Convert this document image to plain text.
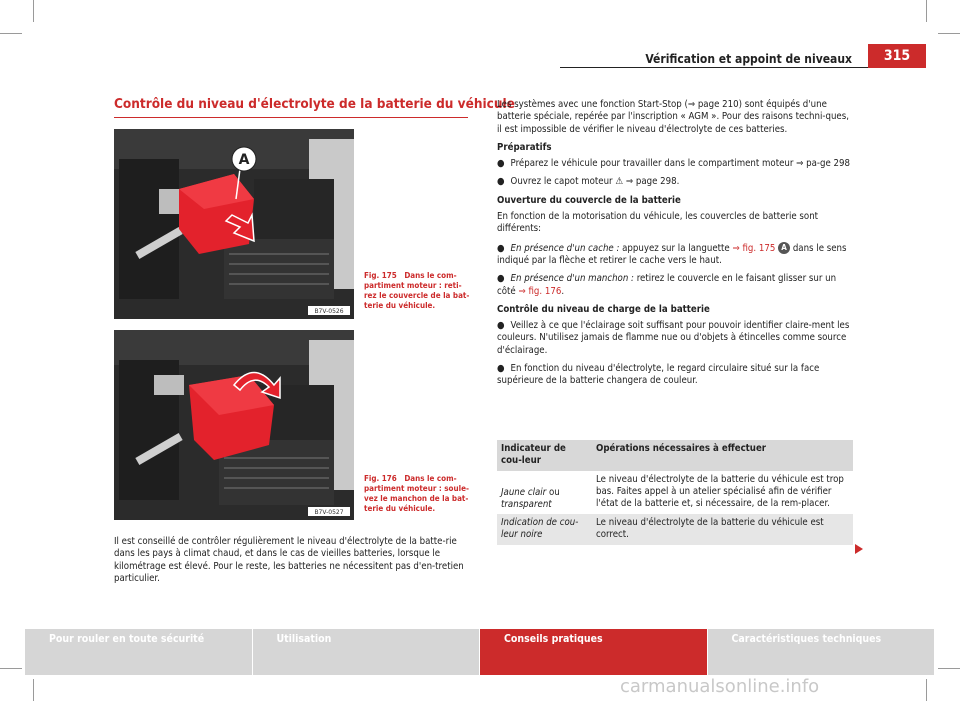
Vérification et appoint de niveaux	315
Contrôle du niveau d'électrolyte de la batterie du véhicule
A
B7V-0526
Fig. 175 Dans le com-partiment moteur : reti-rez le couvercle de la bat-terie du véhicule.
B7V-0527
Fig. 176 Dans le com-partiment moteur : soule-vez le manchon de la bat-terie du véhicule.

Il est conseillé de contrôler régulièrement le niveau d'électrolyte de la batte-rie dans les pays à climat chaud, et dans le cas de vieilles batteries, lorsque le kilométrage est élevé. Pour le reste, les batteries ne nécessitent pas d'en-tretien particulier.

Les systèmes avec une fonction Start-Stop (⇒ page 210) sont équipés d'une batterie spéciale, repérée par l'inscription « AGM ». Pour des raisons techni-ques, il est impossible de vérifier le niveau d'électrolyte de ces batteries.

Préparatifs

● Préparez le véhicule pour travailler dans le compartiment moteur ⇒ pa-ge 298

● Ouvrez le capot moteur ⚠ ⇒ page 298.

Ouverture du couvercle de la batterie

En fonction de la motorisation du véhicule, les couvercles de batterie sont différents:

● En présence d'un cache : appuyez sur la languette ⇒ fig. 175 A dans le sens indiqué par la flèche et retirer le cache vers le haut.

● En présence d'un manchon : retirez le couvercle en le faisant glisser sur un côté ⇒ fig. 176.

Contrôle du niveau de charge de la batterie

● Veillez à ce que l'éclairage soit suffisant pour pouvoir identifier claire-ment les couleurs. N'utilisez jamais de flamme nue ou d'objets à étincelles comme source d'éclairage.

● En fonction du niveau d'électrolyte, le regard circulaire situé sur la face supérieure de la batterie changera de couleur.

Indicateur de cou-leur	Opérations nécessaires à effectuer
Jaune clair ou transparent	Le niveau d'électrolyte de la batterie du véhicule est trop bas. Faites appel à un atelier spécialisé afin de vérifier l'état de la batterie et, si nécessaire, de la rem-placer.
Indication de cou-leur noire	Le niveau d'électrolyte de la batterie du véhicule est correct.
Pour rouler en toute sécurité	Utilisation	Conseils pratiques	Caractéristiques techniques
carmanualsonline.info
